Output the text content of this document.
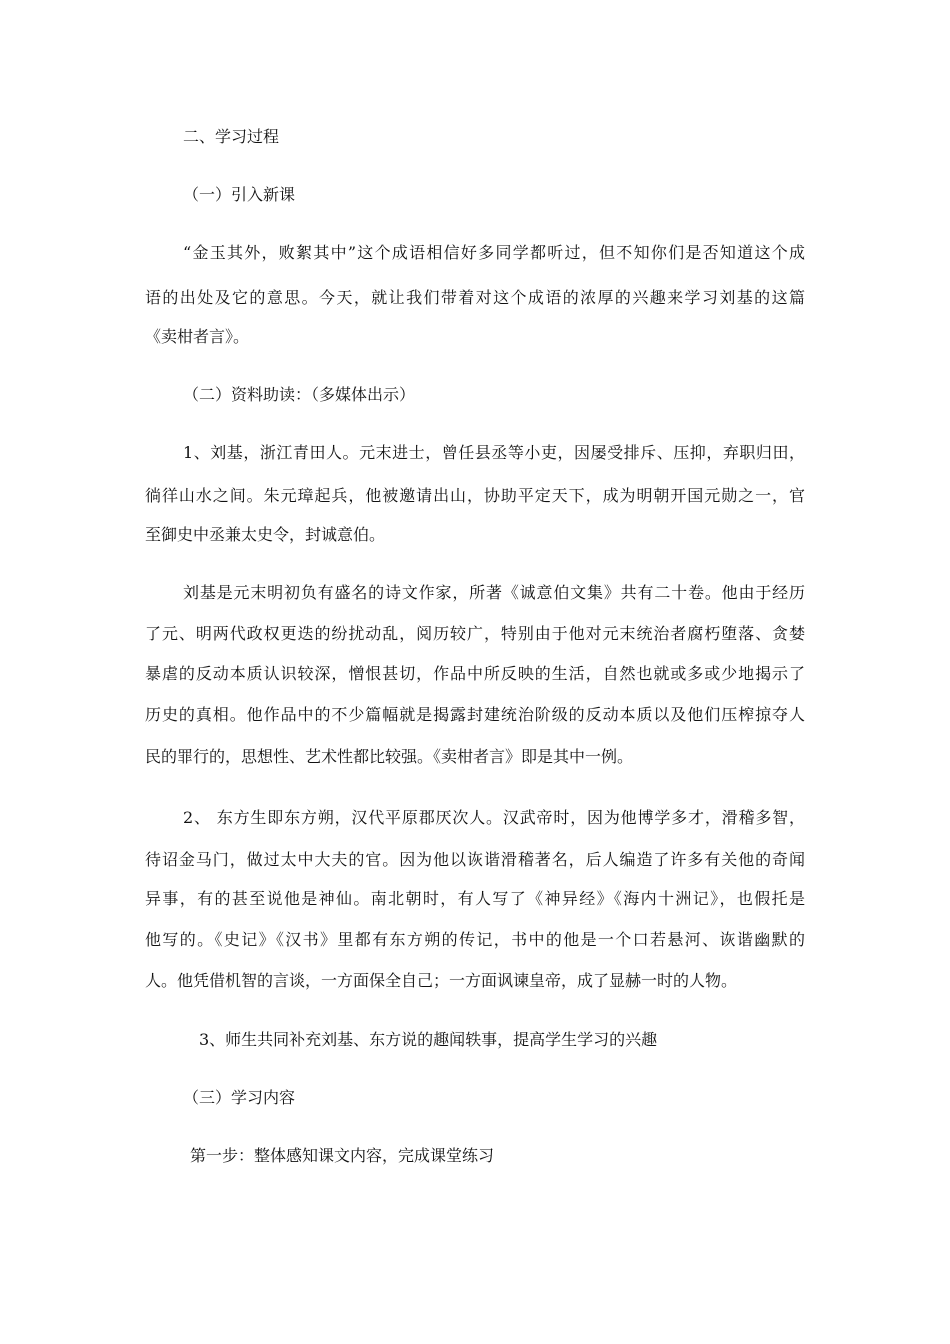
二、学习过程

（一）引入新课

“金玉其外，败絮其中”这个成语相信好多同学都听过，但不知你们是否知道这个成

语的出处及它的意思。今天，就让我们带着对这个成语的浓厚的兴趣来学习刘基的这篇

《卖柑者言》。

（二）资料助读：（多媒体出示）

1、刘基，浙江青田人。元末进士，曾任县丞等小吏，因屡受排斥、压抑，弃职归田，

徜徉山水之间。朱元璋起兵，他被邀请出山，协助平定天下，成为明朝开国元勋之一，官

至御史中丞兼太史令，封诚意伯。

刘基是元末明初负有盛名的诗文作家，所著《诚意伯文集》共有二十卷。他由于经历

了元、明两代政权更迭的纷扰动乱，阅历较广，特别由于他对元末统治者腐朽堕落、贪婪

暴虐的反动本质认识较深，憎恨甚切，作品中所反映的生活，自然也就或多或少地揭示了

历史的真相。他作品中的不少篇幅就是揭露封建统治阶级的反动本质以及他们压榨掠夺人

民的罪行的，思想性、艺术性都比较强。《卖柑者言》即是其中一例。

2、 东方生即东方朔，汉代平原郡厌次人。汉武帝时，因为他博学多才，滑稽多智，

待诏金马门，做过太中大夫的官。因为他以诙谐滑稽著名，后人编造了许多有关他的奇闻

异事，有的甚至说他是神仙。南北朝时，有人写了《神异经》《海内十洲记》，也假托是

他写的。《史记》《汉书》里都有东方朔的传记，书中的他是一个口若悬河、诙谐幽默的

人。他凭借机智的言谈，一方面保全自己；一方面讽谏皇帝，成了显赫一时的人物。

3、师生共同补充刘基、东方说的趣闻轶事，提高学生学习的兴趣

（三）学习内容

第一步：整体感知课文内容，完成课堂练习
